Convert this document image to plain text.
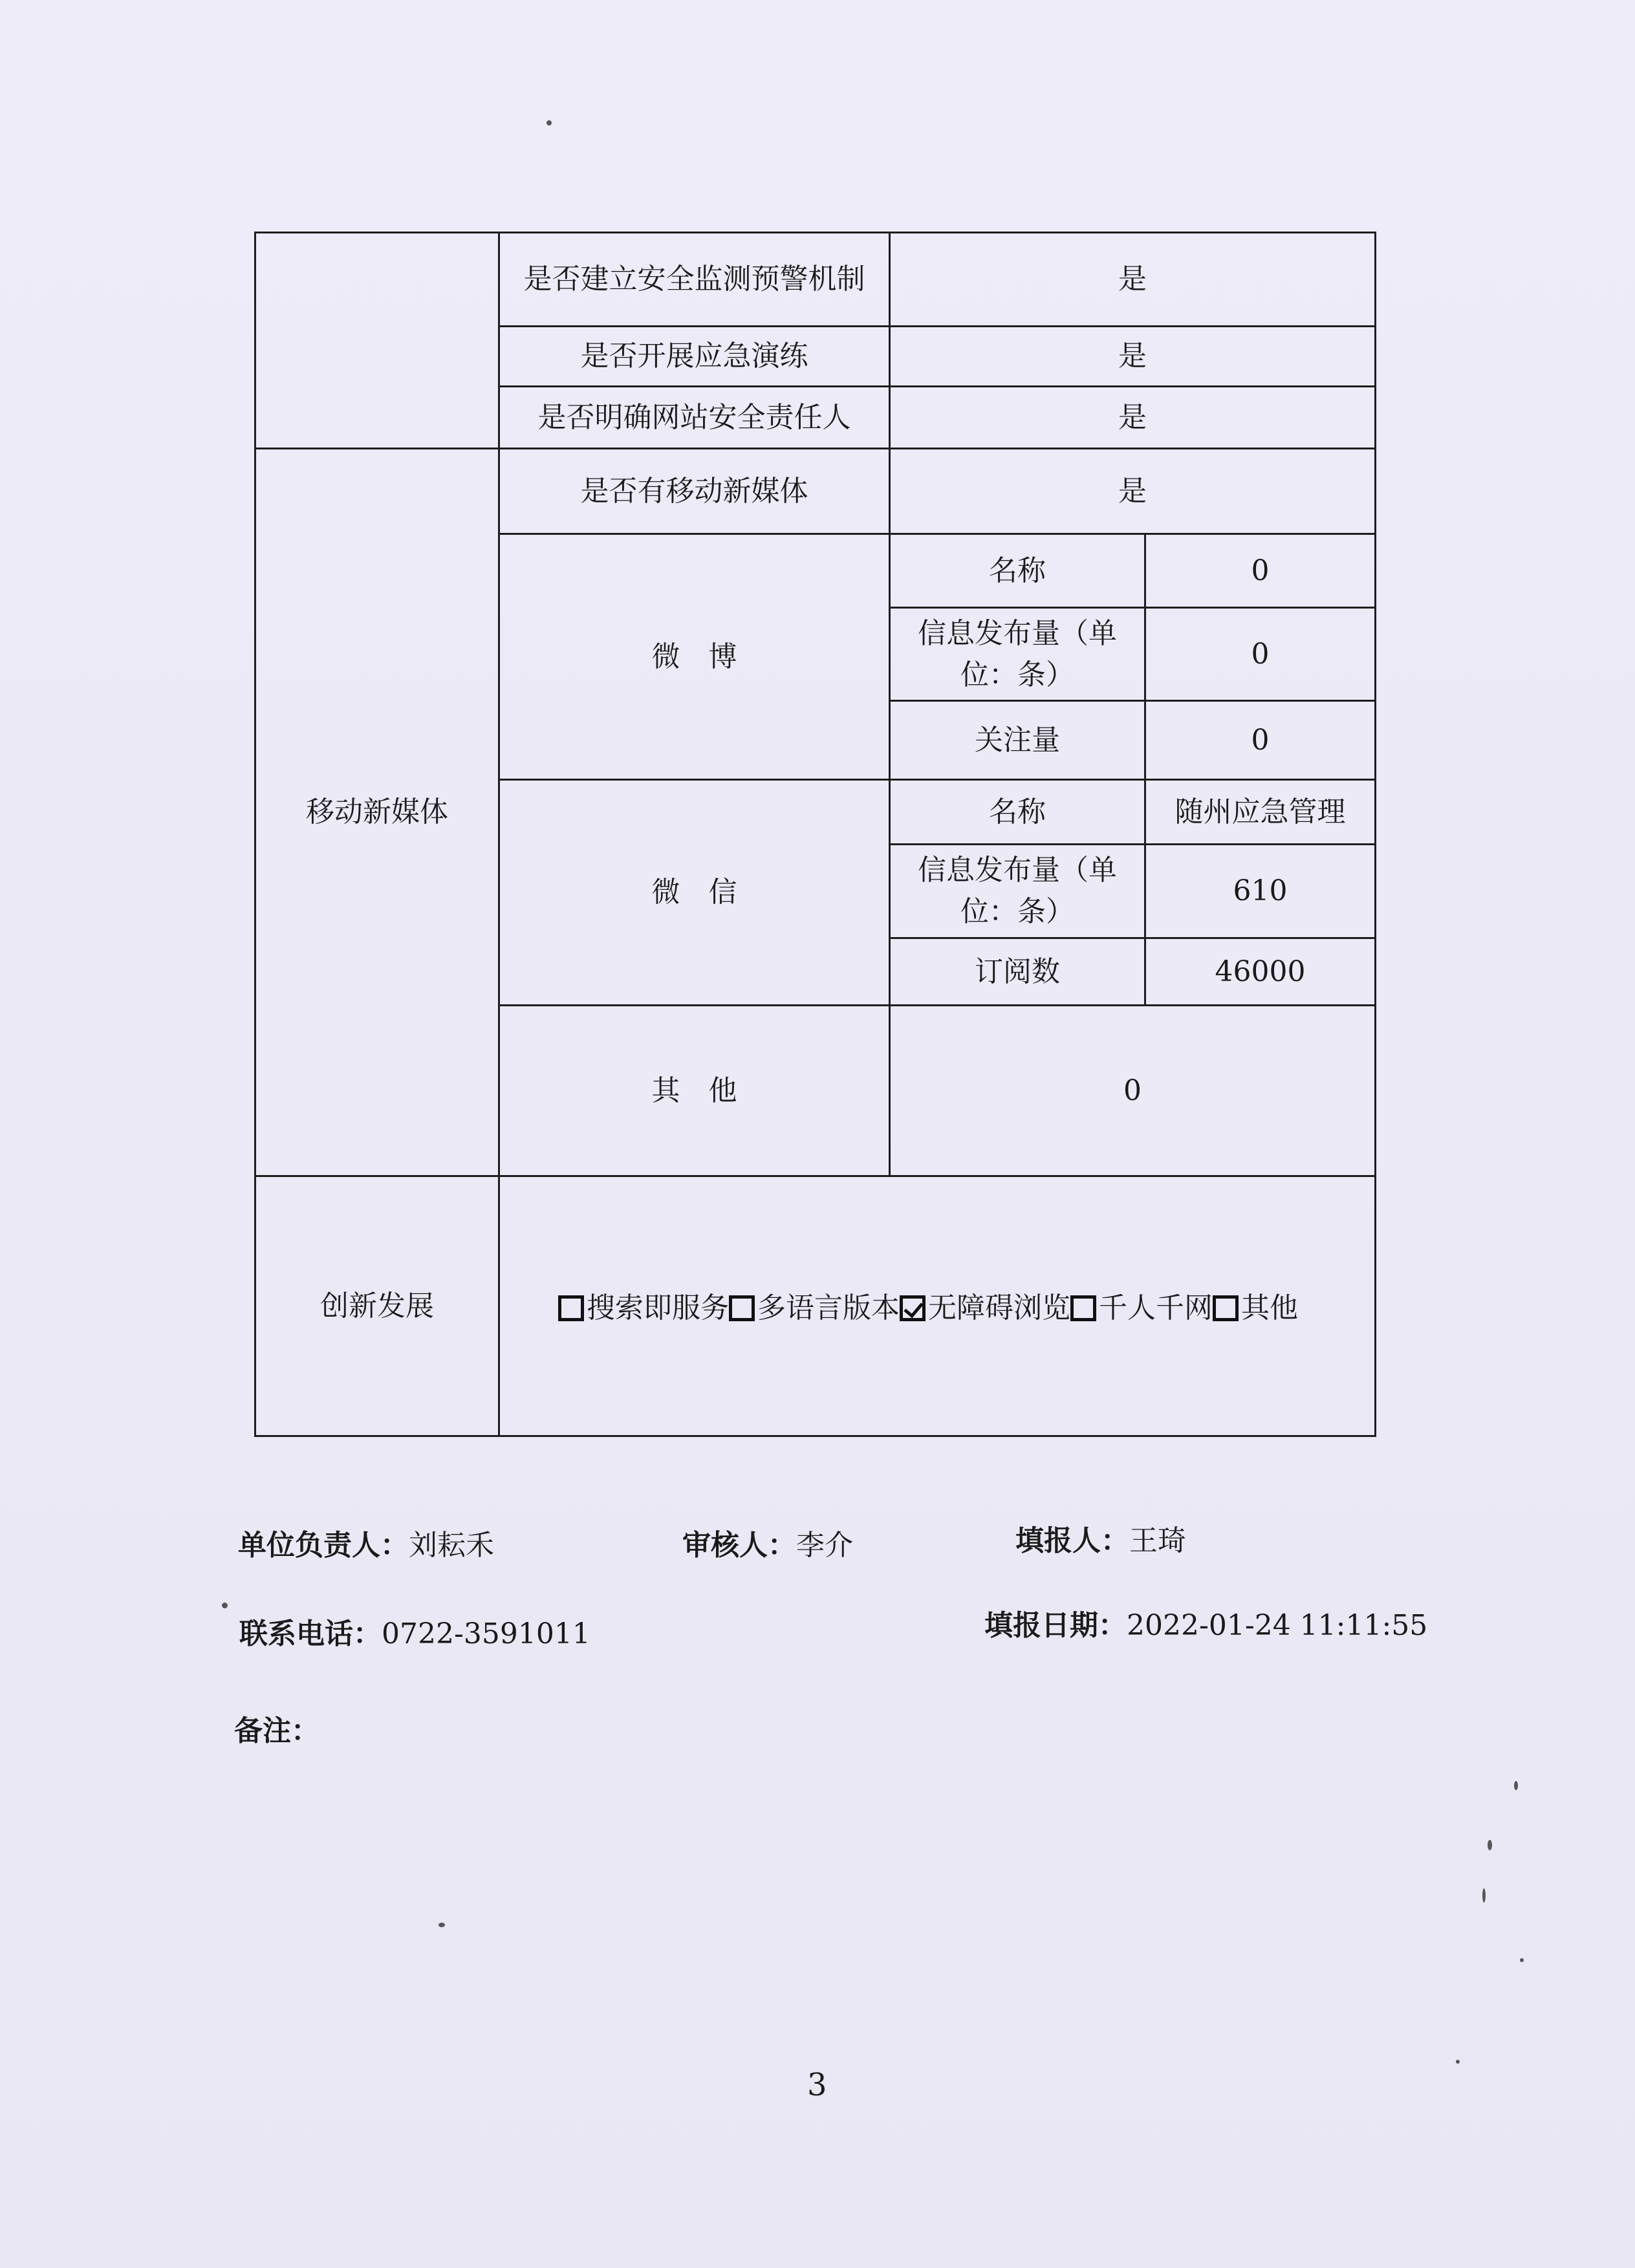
	是否建立安全监测预警机制	是	
	是否开展应急演练	是	
	是否明确网站安全责任人	是	
移动新媒体	是否有移动新媒体	是	
	微　博	名称	0
		信息发布量（单位：条）	0
		关注量	0
	微　信	名称	随州应急管理
		信息发布量（单位：条）	610
		订阅数	46000
	其　他	0	
创新发展	搜索即服务 多语言版本 无障碍浏览 千人千网 其他		
单位负责人：刘耘禾	审核人：李介	填报人：王琦
联系电话：0722-3591011	填报日期：2022-01-24 11:11:55
备注：
3
